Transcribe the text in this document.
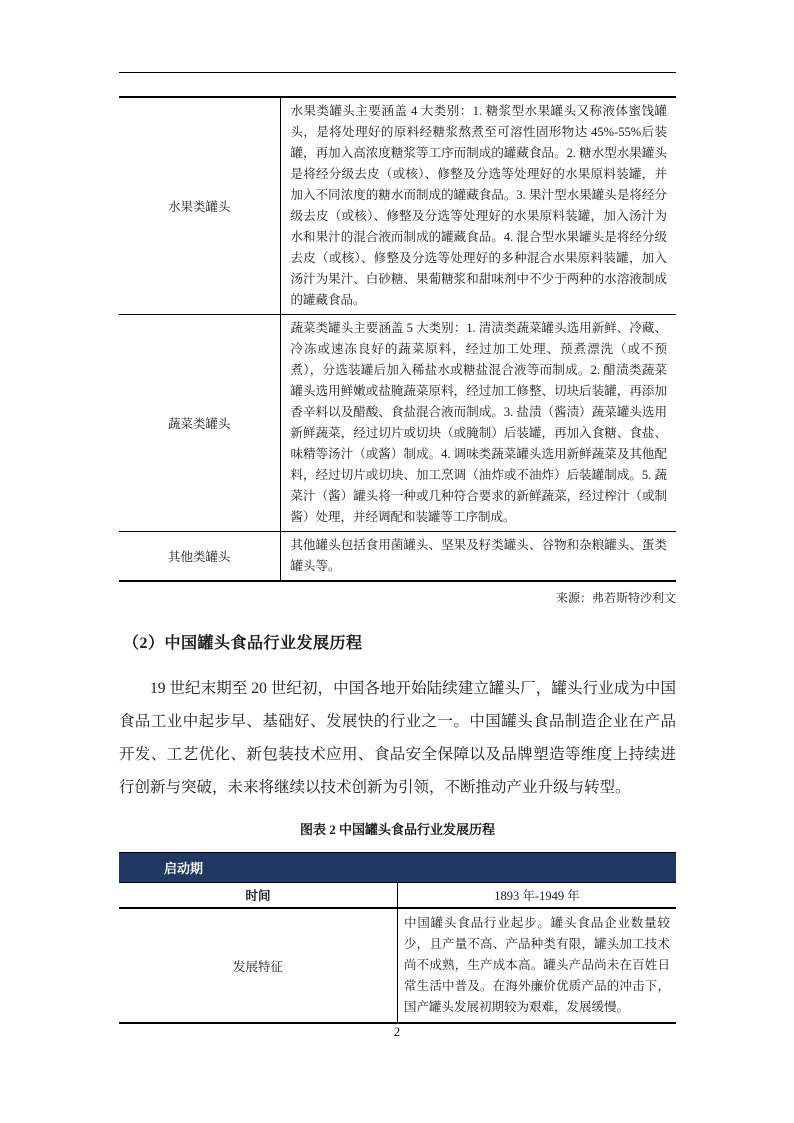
水果类罐头	水果类罐头主要涵盖 4 大类别：1. 糖浆型水果罐头又称液体蜜饯罐头，是将处理好的原料经糖浆熬煮至可溶性固形物达 45%-55%后装罐，再加入高浓度糖浆等工序而制成的罐藏食品。2. 糖水型水果罐头是将经分级去皮（或核）、修整及分选等处理好的水果原料装罐，并加入不同浓度的糖水而制成的罐藏食品。3. 果汁型水果罐头是将经分级去皮（或核）、修整及分选等处理好的水果原料装罐，加入汤汁为水和果汁的混合液而制成的罐藏食品。4. 混合型水果罐头是将经分级去皮（或核）、修整及分选等处理好的多种混合水果原料装罐，加入汤汁为果汁、白砂糖、果葡糖浆和甜味剂中不少于两种的水溶液制成的罐藏食品。
蔬菜类罐头	蔬菜类罐头主要涵盖 5 大类别：1. 清渍类蔬菜罐头选用新鲜、冷藏、冷冻或速冻良好的蔬菜原料，经过加工处理、预煮漂洗（或不预煮），分选装罐后加入稀盐水或糖盐混合液等而制成。2. 醋渍类蔬菜罐头选用鲜嫩或盐腌蔬菜原料，经过加工修整、切块后装罐，再添加香辛料以及醋酸、食盐混合液而制成。3. 盐渍（酱渍）蔬菜罐头选用新鲜蔬菜，经过切片或切块（或腌制）后装罐，再加入食糖、食盐、味精等汤汁（或酱）制成。4. 调味类蔬菜罐头选用新鲜蔬菜及其他配料，经过切片或切块、加工烹调（油炸或不油炸）后装罐制成。5. 蔬菜汁（酱）罐头将一种或几种符合要求的新鲜蔬菜，经过榨汁（或制酱）处理，并经调配和装罐等工序制成。
其他类罐头	其他罐头包括食用菌罐头、坚果及籽类罐头、谷物和杂粮罐头、蛋类罐头等。
来源：弗若斯特沙利文
（2）中国罐头食品行业发展历程

19 世纪末期至 20 世纪初，中国各地开始陆续建立罐头厂，罐头行业成为中国食品工业中起步早、基础好、发展快的行业之一。中国罐头食品制造企业在产品开发、工艺优化、新包装技术应用、食品安全保障以及品牌塑造等维度上持续进行创新与突破，未来将继续以技术创新为引领，不断推动产业升级与转型。

图表 2 中国罐头食品行业发展历程
启动期	
时间	1893 年-1949 年
发展特征	中国罐头食品行业起步。罐头食品企业数量较少，且产量不高、产品种类有限，罐头加工技术尚不成熟，生产成本高。罐头产品尚未在百姓日常生活中普及。在海外廉价优质产品的冲击下，国产罐头发展初期较为艰难，发展缓慢。
2
